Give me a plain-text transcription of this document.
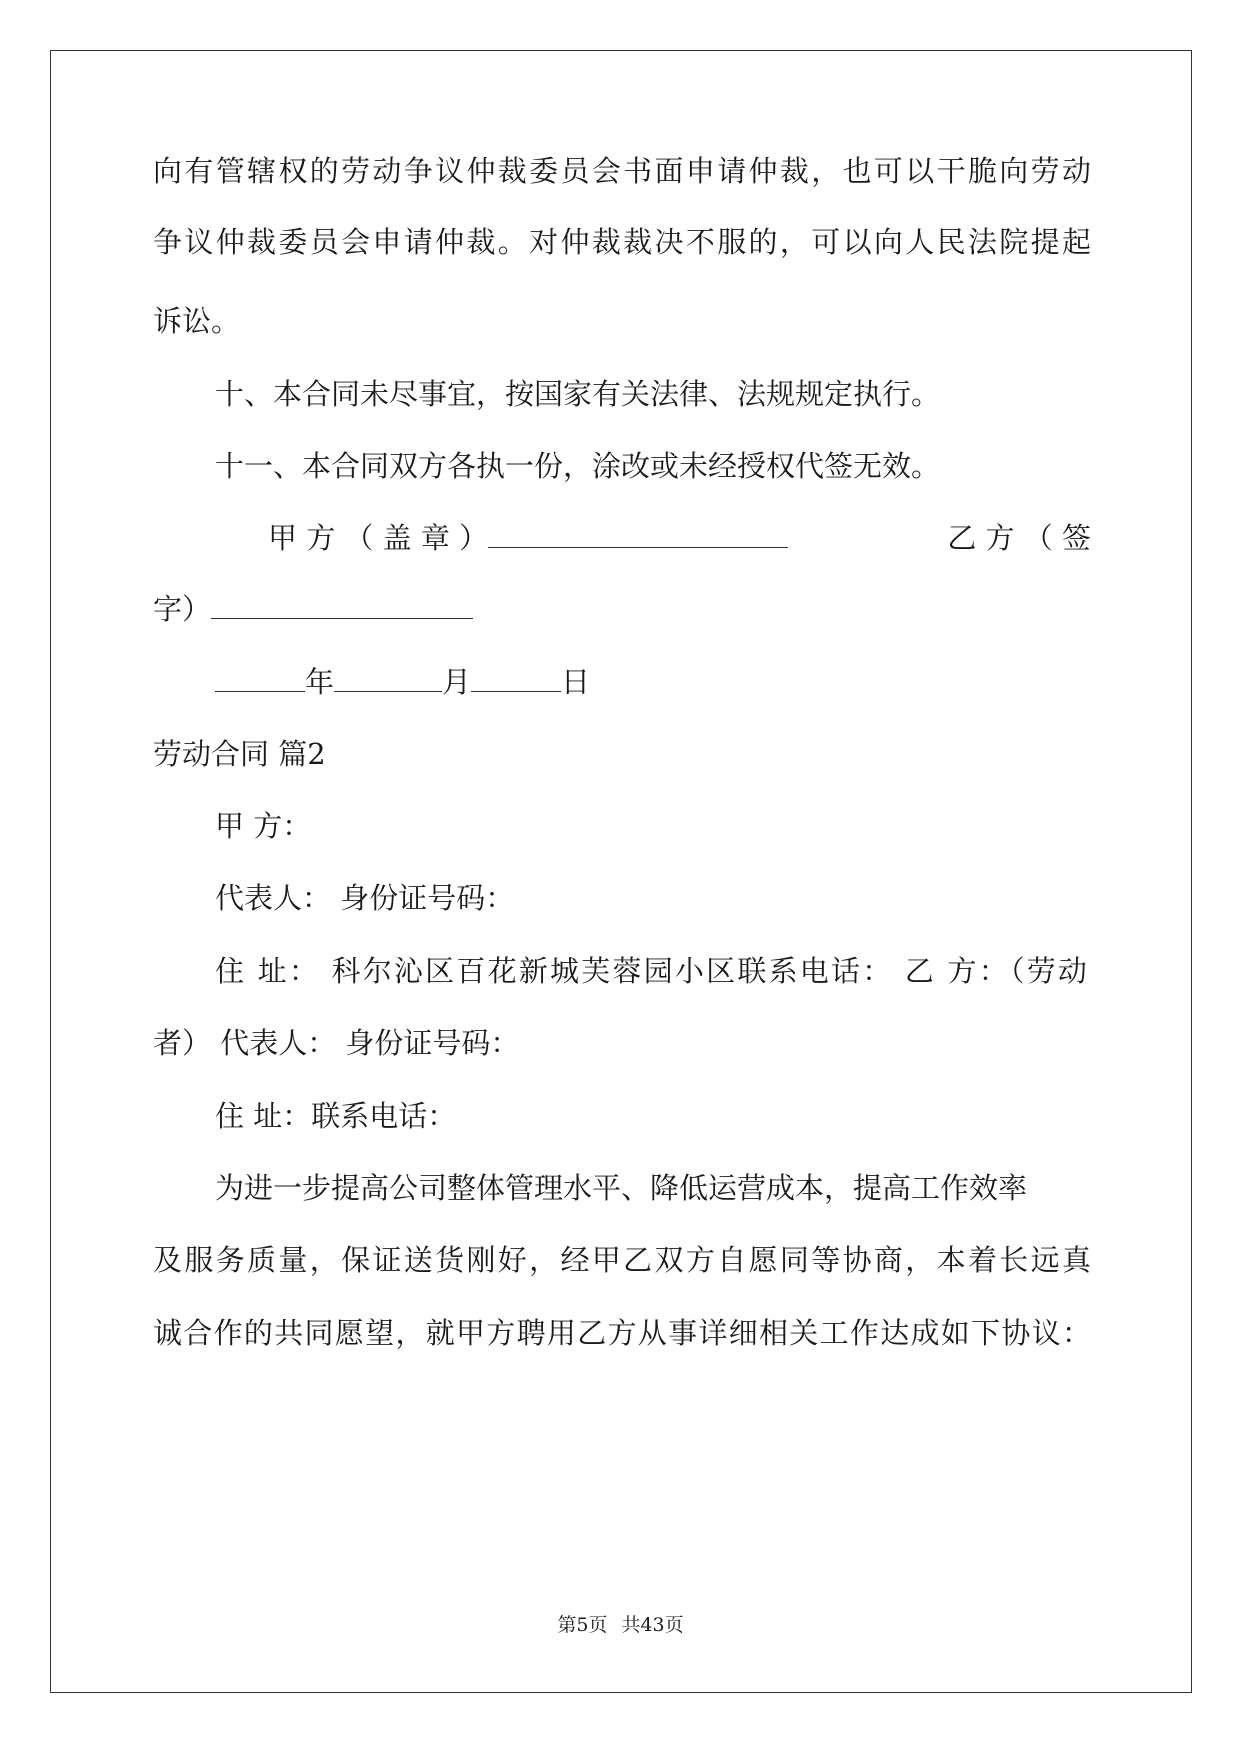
向有管辖权的劳动争议仲裁委员会书面申请仲裁，也可以干脆向劳动
争议仲裁委员会申请仲裁。对仲裁裁决不服的，可以向人民法院提起
诉讼。
十、本合同未尽事宜，按国家有关法律、法规规定执行。
十一、本合同双方各执一份，涂改或未经授权代签无效。
甲 方 （ 盖 章 ）	乙 方 （ 签
字）
年	月	日
劳动合同 篇2
甲 方：
代表人： 身份证号码：
住 址： 科尔沁区百花新城芙蓉园小区联系电话： 乙 方：（劳动
者） 代表人： 身份证号码：
住 址：联系电话：
为进一步提高公司整体管理水平、降低运营成本，提高工作效率
及服务质量，保证送货刚好，经甲乙双方自愿同等协商，本着长远真
诚合作的共同愿望，就甲方聘用乙方从事详细相关工作达成如下协议：
第5页 共43页
